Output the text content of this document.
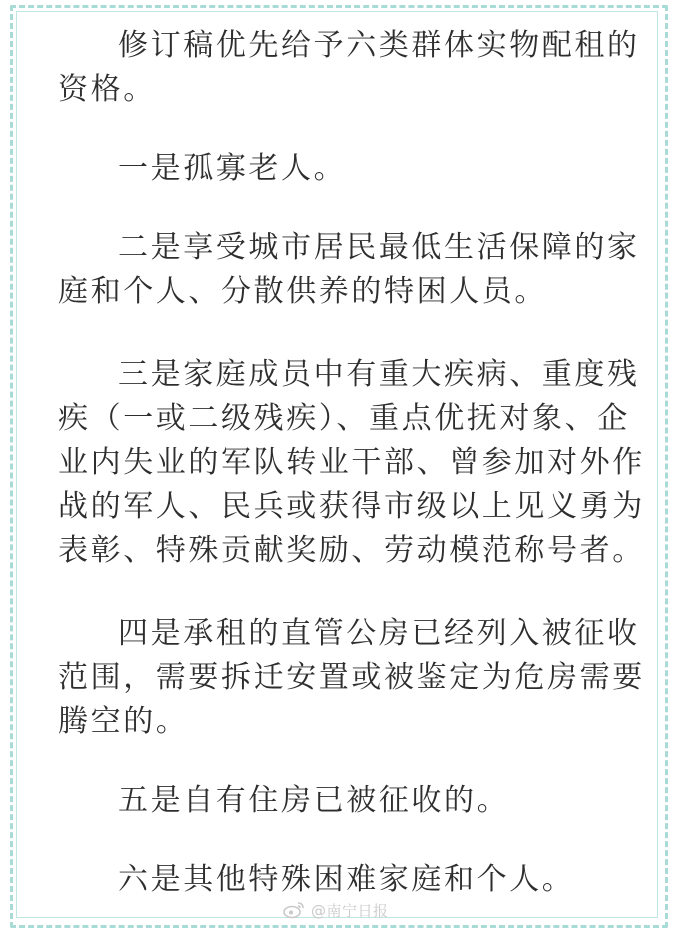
修订稿优先给予六类群体实物配租的资格。

一是孤寡老人。

二是享受城市居民最低生活保障的家庭和个人、分散供养的特困人员。

三是家庭成员中有重大疾病、重度残疾（一或二级残疾）、重点优抚对象、企业内失业的军队转业干部、曾参加对外作战的军人、民兵或获得市级以上见义勇为表彰、特殊贡献奖励、劳动模范称号者。

四是承租的直管公房已经列入被征收范围，需要拆迁安置或被鉴定为危房需要腾空的。

五是自有住房已被征收的。

六是其他特殊困难家庭和个人。

@南宁日报
